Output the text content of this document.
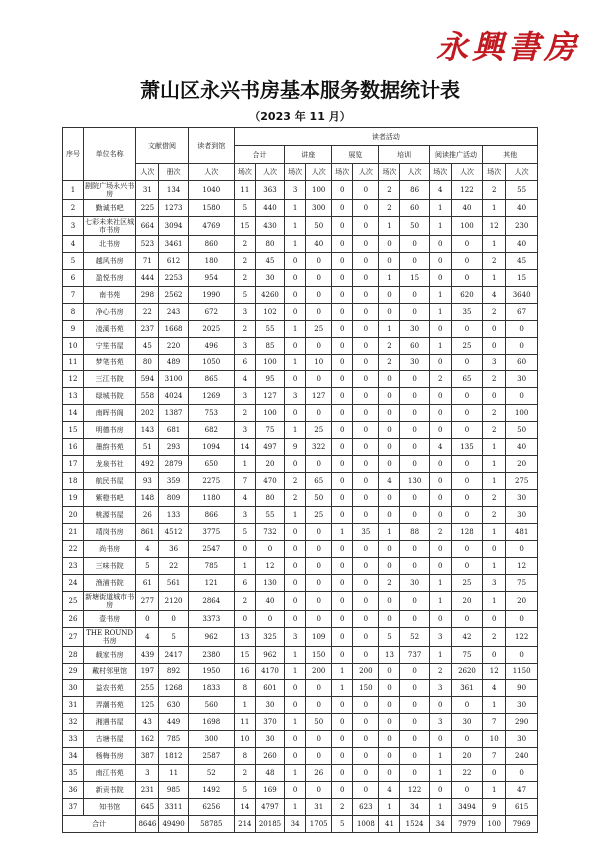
永興書房
萧山区永兴书房基本服务数据统计表
（2023 年 11 月）
序号	单位名称	文献借阅		读者到馆	读者活动											
					合计		讲座		展览		培训		阅读推广活动		其他	
		人次	册次	人次	场次	人次	场次	人次	场次	人次	场次	人次	场次	人次	场次	人次
1	剧院广场永兴书房	31	134	1040	11	363	3	100	0	0	2	86	4	122	2	55
2	勤诚书吧	225	1273	1580	5	440	1	300	0	0	2	60	1	40	1	40
3	七彩未来社区城市书房	664	3094	4769	15	430	1	50	0	0	1	50	1	100	12	230
4	北书房	523	3461	860	2	80	1	40	0	0	0	0	0	0	1	40
5	越风书房	71	612	180	2	45	0	0	0	0	0	0	0	0	2	45
6	盈悦书房	444	2253	954	2	30	0	0	0	0	1	15	0	0	1	15
7	南书苑	298	2562	1990	5	4260	0	0	0	0	0	0	1	620	4	3640
8	净心书房	22	243	672	3	102	0	0	0	0	0	0	1	35	2	67
9	凌溪书苑	237	1668	2025	2	55	1	25	0	0	1	30	0	0	0	0
10	宁笙书屋	45	220	496	3	85	0	0	0	0	2	60	1	25	0	0
11	梦笔书苑	80	489	1050	6	100	1	10	0	0	2	30	0	0	3	60
12	三江书院	594	3100	865	4	95	0	0	0	0	0	0	2	65	2	30
13	绿城书院	558	4024	1269	3	127	3	127	0	0	0	0	0	0	0	0
14	南晖书阁	202	1387	753	2	100	0	0	0	0	0	0	0	0	2	100
15	明德书房	143	681	682	3	75	1	25	0	0	0	0	0	0	2	50
16	墨韵书苑	51	293	1094	14	497	9	322	0	0	0	0	4	135	1	40
17	龙泉书社	492	2879	650	1	20	0	0	0	0	0	0	0	0	1	20
18	航民书屋	93	359	2275	7	470	2	65	0	0	4	130	0	0	1	275
19	紫橙书吧	148	809	1180	4	80	2	50	0	0	0	0	0	0	2	30
20	桃源书屋	26	133	866	3	55	1	25	0	0	0	0	0	0	2	30
21	靖岗书房	861	4512	3775	5	732	0	0	1	35	1	88	2	128	1	481
22	尚书房	4	36	2547	0	0	0	0	0	0	0	0	0	0	0	0
23	三味书院	5	22	785	1	12	0	0	0	0	0	0	0	0	1	12
24	渔浦书院	61	561	121	6	130	0	0	0	0	2	30	1	25	3	75
25	新塘街道城市书房	277	2120	2864	2	40	0	0	0	0	0	0	1	20	1	20
26	壹书房	0	0	3373	0	0	0	0	0	0	0	0	0	0	0	0
27	THE ROUND书房	4	5	962	13	325	3	109	0	0	5	52	3	42	2	122
28	载家书房	439	2417	2380	15	962	1	150	0	0	13	737	1	75	0	0
29	戴村邻里馆	197	892	1950	16	4170	1	200	1	200	0	0	2	2620	12	1150
30	益农书苑	255	1268	1833	8	601	0	0	1	150	0	0	3	361	4	90
31	弄潮书苑	125	630	560	1	30	0	0	0	0	0	0	0	0	1	30
32	湘遇书屋	43	449	1698	11	370	1	50	0	0	0	0	3	30	7	290
33	古塘书屋	162	785	300	10	30	0	0	0	0	0	0	0	0	10	30
34	杨梅书房	387	1812	2587	8	260	0	0	0	0	0	0	1	20	7	240
35	南江书苑	3	11	52	2	48	1	26	0	0	0	0	1	22	0	0
36	新贡书院	231	985	1492	5	169	0	0	0	0	4	122	0	0	1	47
37	知书馆	645	3311	6256	14	4797	1	31	2	623	1	34	1	3494	9	615
合计		8646	49490	58785	214	20185	34	1705	5	1008	41	1524	34	7979	100	7969
